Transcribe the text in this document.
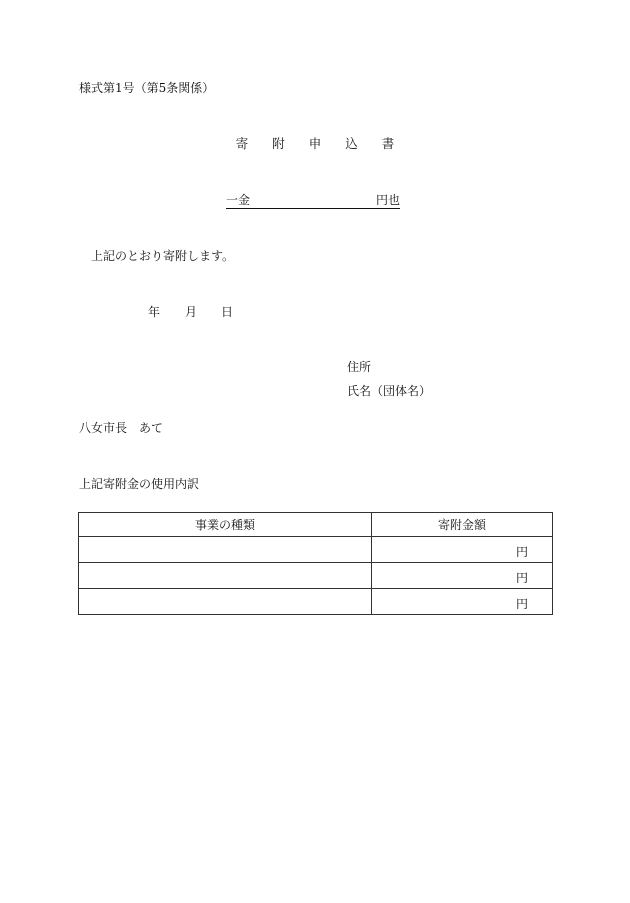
様式第1号（第5条関係）
寄 附 申 込 書
一金	円也
上記のとおり寄附します。
年 月 日
住所
氏名（団体名）
八女市長　あて
上記寄附金の使用内訳
事業の種類	寄附金額
	円
	円
	円
